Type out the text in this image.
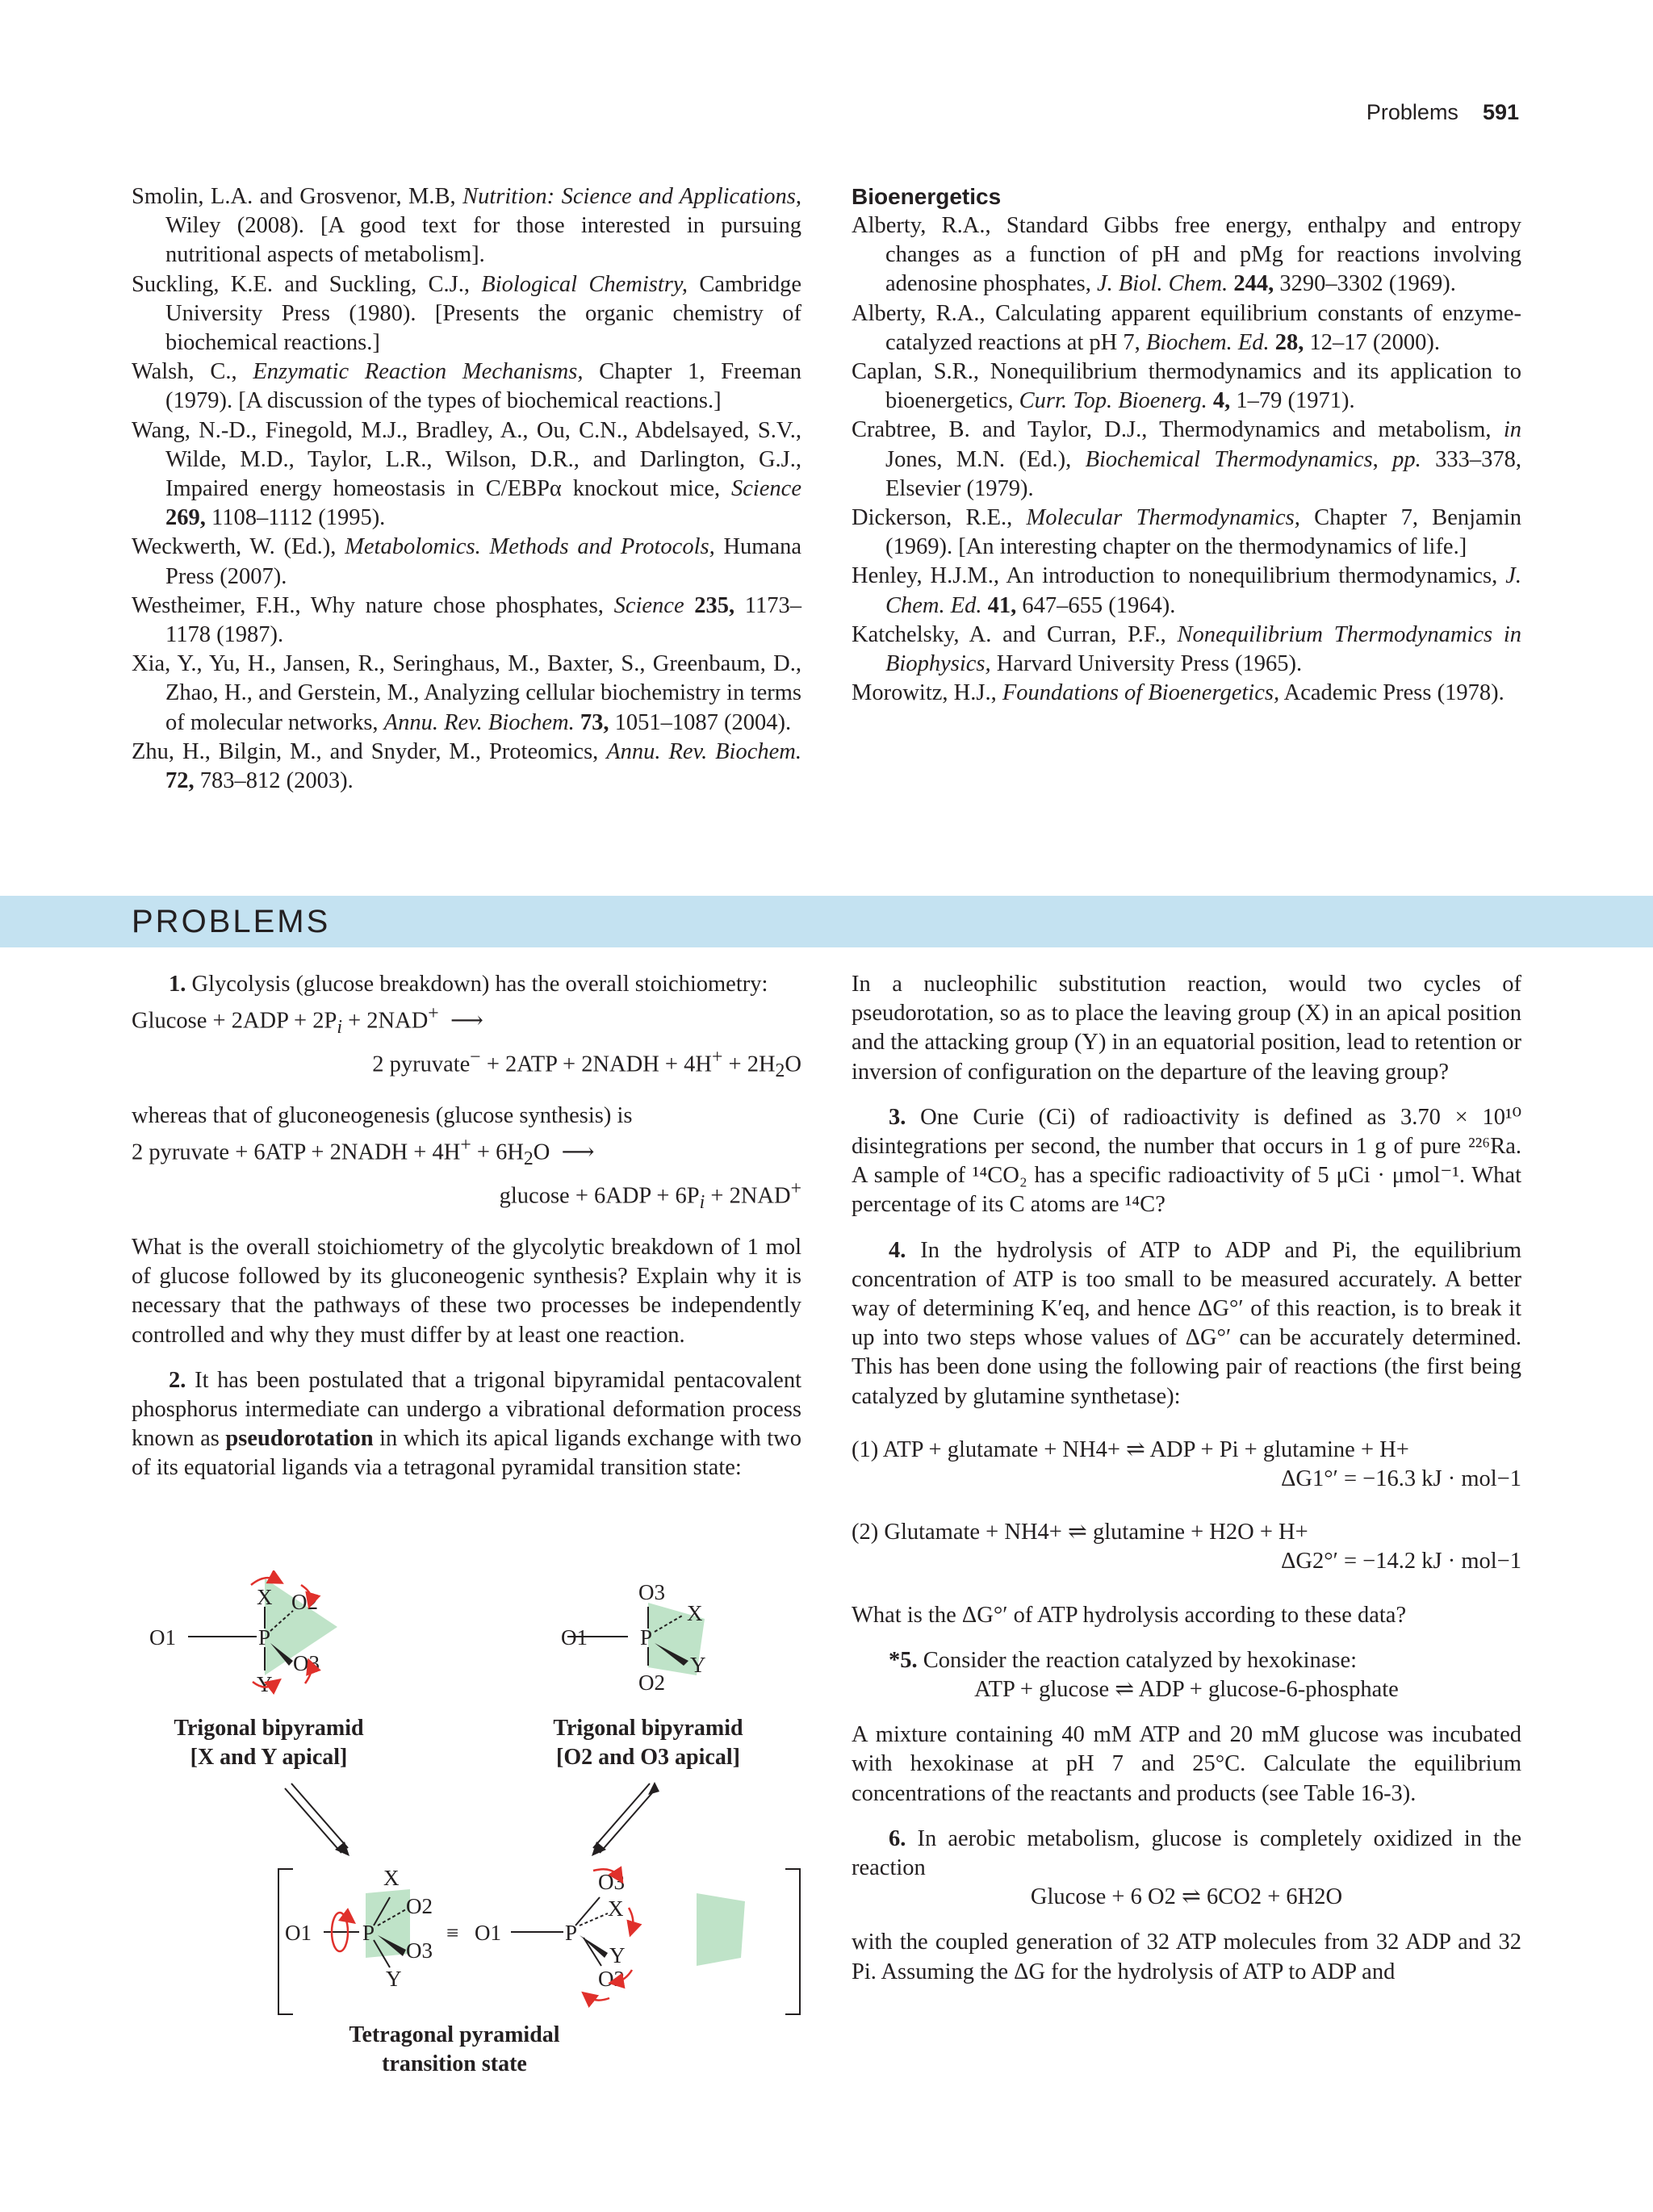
Problems 591
Smolin, L.A. and Grosvenor, M.B, Nutrition: Science and Applications, Wiley (2008). [A good text for those interested in pursuing nutritional aspects of metabolism].
Suckling, K.E. and Suckling, C.J., Biological Chemistry, Cambridge University Press (1980). [Presents the organic chemistry of biochemical reactions.]
Walsh, C., Enzymatic Reaction Mechanisms, Chapter 1, Freeman (1979). [A discussion of the types of biochemical reactions.]
Wang, N.-D., Finegold, M.J., Bradley, A., Ou, C.N., Abdelsayed, S.V., Wilde, M.D., Taylor, L.R., Wilson, D.R., and Darlington, G.J., Impaired energy homeostasis in C/EBPα knockout mice, Science 269, 1108–1112 (1995).
Weckwerth, W. (Ed.), Metabolomics. Methods and Protocols, Humana Press (2007).
Westheimer, F.H., Why nature chose phosphates, Science 235, 1173–1178 (1987).
Xia, Y., Yu, H., Jansen, R., Seringhaus, M., Baxter, S., Greenbaum, D., Zhao, H., and Gerstein, M., Analyzing cellular biochemistry in terms of molecular networks, Annu. Rev. Biochem. 73, 1051–1087 (2004).
Zhu, H., Bilgin, M., and Snyder, M., Proteomics, Annu. Rev. Biochem. 72, 783–812 (2003).
Bioenergetics
Alberty, R.A., Standard Gibbs free energy, enthalpy and entropy changes as a function of pH and pMg for reactions involving adenosine phosphates, J. Biol. Chem. 244, 3290–3302 (1969).
Alberty, R.A., Calculating apparent equilibrium constants of enzyme-catalyzed reactions at pH 7, Biochem. Ed. 28, 12–17 (2000).
Caplan, S.R., Nonequilibrium thermodynamics and its application to bioenergetics, Curr. Top. Bioenerg. 4, 1–79 (1971).
Crabtree, B. and Taylor, D.J., Thermodynamics and metabolism, in Jones, M.N. (Ed.), Biochemical Thermodynamics, pp. 333–378, Elsevier (1979).
Dickerson, R.E., Molecular Thermodynamics, Chapter 7, Benjamin (1969). [An interesting chapter on the thermodynamics of life.]
Henley, H.J.M., An introduction to nonequilibrium thermodynamics, J. Chem. Ed. 41, 647–655 (1964).
Katchelsky, A. and Curran, P.F., Nonequilibrium Thermodynamics in Biophysics, Harvard University Press (1965).
Morowitz, H.J., Foundations of Bioenergetics, Academic Press (1978).
PROBLEMS

1. Glycolysis (glucose breakdown) has the overall stoichiometry:

$Glucose + 2ADP + 2P_i + 2NAD^+$  ⟶
2 pyruvate− + 2ATP + 2NADH + $4H^+ + 2H_2O$

whereas that of gluconeogenesis (glucose synthesis) is

2 pyruvate + 6ATP + 2NADH + $4H^+ + 6H_2O$  ⟶
$glucose + 6ADP + 6P_i + 2NAD^+$

What is the overall stoichiometry of the glycolytic breakdown of 1 mol of glucose followed by its gluconeogenic synthesis? Explain why it is necessary that the pathways of these two processes be independently controlled and why they must differ by at least one reaction.

2. It has been postulated that a trigonal bipyramidal pentacovalent phosphorus intermediate can undergo a vibrational deformation process known as pseudorotation in which its apical ligands exchange with two of its equatorial ligands via a tetragonal pyramidal transition state:

X O2
O1	P
O3
Y
O3
X
O1 P
Y
O2
X
O2
O1 P
O3
Y
≡ O1	P
O3
X
Y
O2
Trigonal bipyramid
[X and Y apical]
Trigonal bipyramid
[O2 and O3 apical]
Tetragonal pyramidal
transition state

In a nucleophilic substitution reaction, would two cycles of pseudorotation, so as to place the leaving group (X) in an apical position and the attacking group (Y) in an equatorial position, lead to retention or inversion of configuration on the departure of the leaving group?

3. One Curie (Ci) of radioactivity is defined as 3.70 × 10¹⁰ disintegrations per second, the number that occurs in 1 g of pure ²²⁶Ra. A sample of ¹⁴CO₂ has a specific radioactivity of 5 μCi · μmol⁻¹. What percentage of its C atoms are ¹⁴C?

4. In the hydrolysis of ATP to ADP and Pi, the equilibrium concentration of ATP is too small to be measured accurately. A better way of determining K′eq, and hence ΔG°′ of this reaction, is to break it up into two steps whose values of ΔG°′ can be accurately determined. This has been done using the following pair of reactions (the first being catalyzed by glutamine synthetase):

(1) ATP + glutamate + NH4+ ⇌ ADP + Pi + glutamine + H+
ΔG1°′ = −16.3 kJ · mol−1
(2) Glutamate + NH4+ ⇌ glutamine + H2O + H+
ΔG2°′ = −14.2 kJ · mol−1

What is the ΔG°′ of ATP hydrolysis according to these data?

*5. Consider the reaction catalyzed by hexokinase:

ATP + glucose ⇌ ADP + glucose-6-phosphate

A mixture containing 40 mM ATP and 20 mM glucose was incubated with hexokinase at pH 7 and 25°C. Calculate the equilibrium concentrations of the reactants and products (see Table 16-3).

6. In aerobic metabolism, glucose is completely oxidized in the reaction

Glucose + 6 O2 ⇌ 6CO2 + 6H2O

with the coupled generation of 32 ATP molecules from 32 ADP and 32 Pi. Assuming the ΔG for the hydrolysis of ATP to ADP and
